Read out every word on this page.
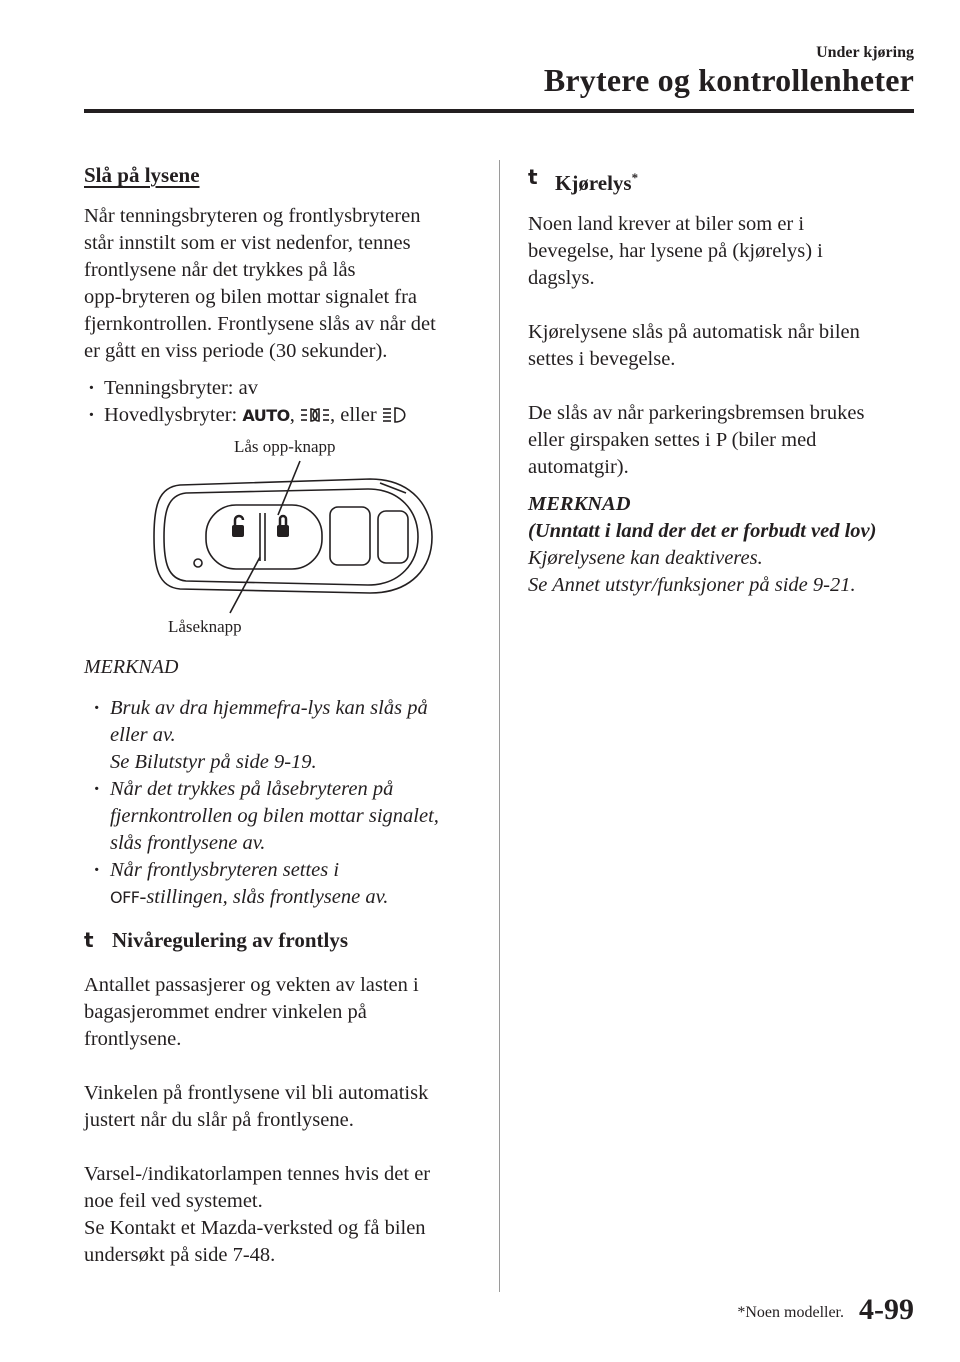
Under kjøring
Brytere og kontrollenheter

Slå på lysene

Når tenningsbryteren og frontlysbryteren

står innstilt som er vist nedenfor, tennes

frontlysene når det trykkes på lås

opp-bryteren og bilen mottar signalet fra

fjernkontrollen. Frontlysene slås av når det

er gått en viss periode (30 sekunder).

· Tenningsbryter: av

· Hovedlysbryter: AUTO, , eller

Lås opp-knapp
Låseknapp

MERKNAD

· Bruk av dra hjemmefra-lys kan slås på

eller av.

Se Bilutstyr på side 9-19.

· Når det trykkes på låsebryteren på

fjernkontrollen og bilen mottar signalet,

slås frontlysene av.

· Når frontlysbryteren settes i

OFF-stillingen, slås frontlysene av.

t Nivåregulering av frontlys

Antallet passasjerer og vekten av lasten i

bagasjerommet endrer vinkelen på

frontlysene.

Vinkelen på frontlysene vil bli automatisk

justert når du slår på frontlysene.

Varsel-/indikatorlampen tennes hvis det er

noe feil ved systemet.

Se Kontakt et Mazda-verksted og få bilen

undersøkt på side 7-48.

t Kjørelys*

Noen land krever at biler som er i

bevegelse, har lysene på (kjørelys) i

dagslys.

Kjørelysene slås på automatisk når bilen

settes i bevegelse.

De slås av når parkeringsbremsen brukes

eller girspaken settes i P (biler med

automatgir).

MERKNAD

(Unntatt i land der det er forbudt ved lov)

Kjørelysene kan deaktiveres.

Se Annet utstyr/funksjoner på side 9-21.

*Noen modeller. 4-99
